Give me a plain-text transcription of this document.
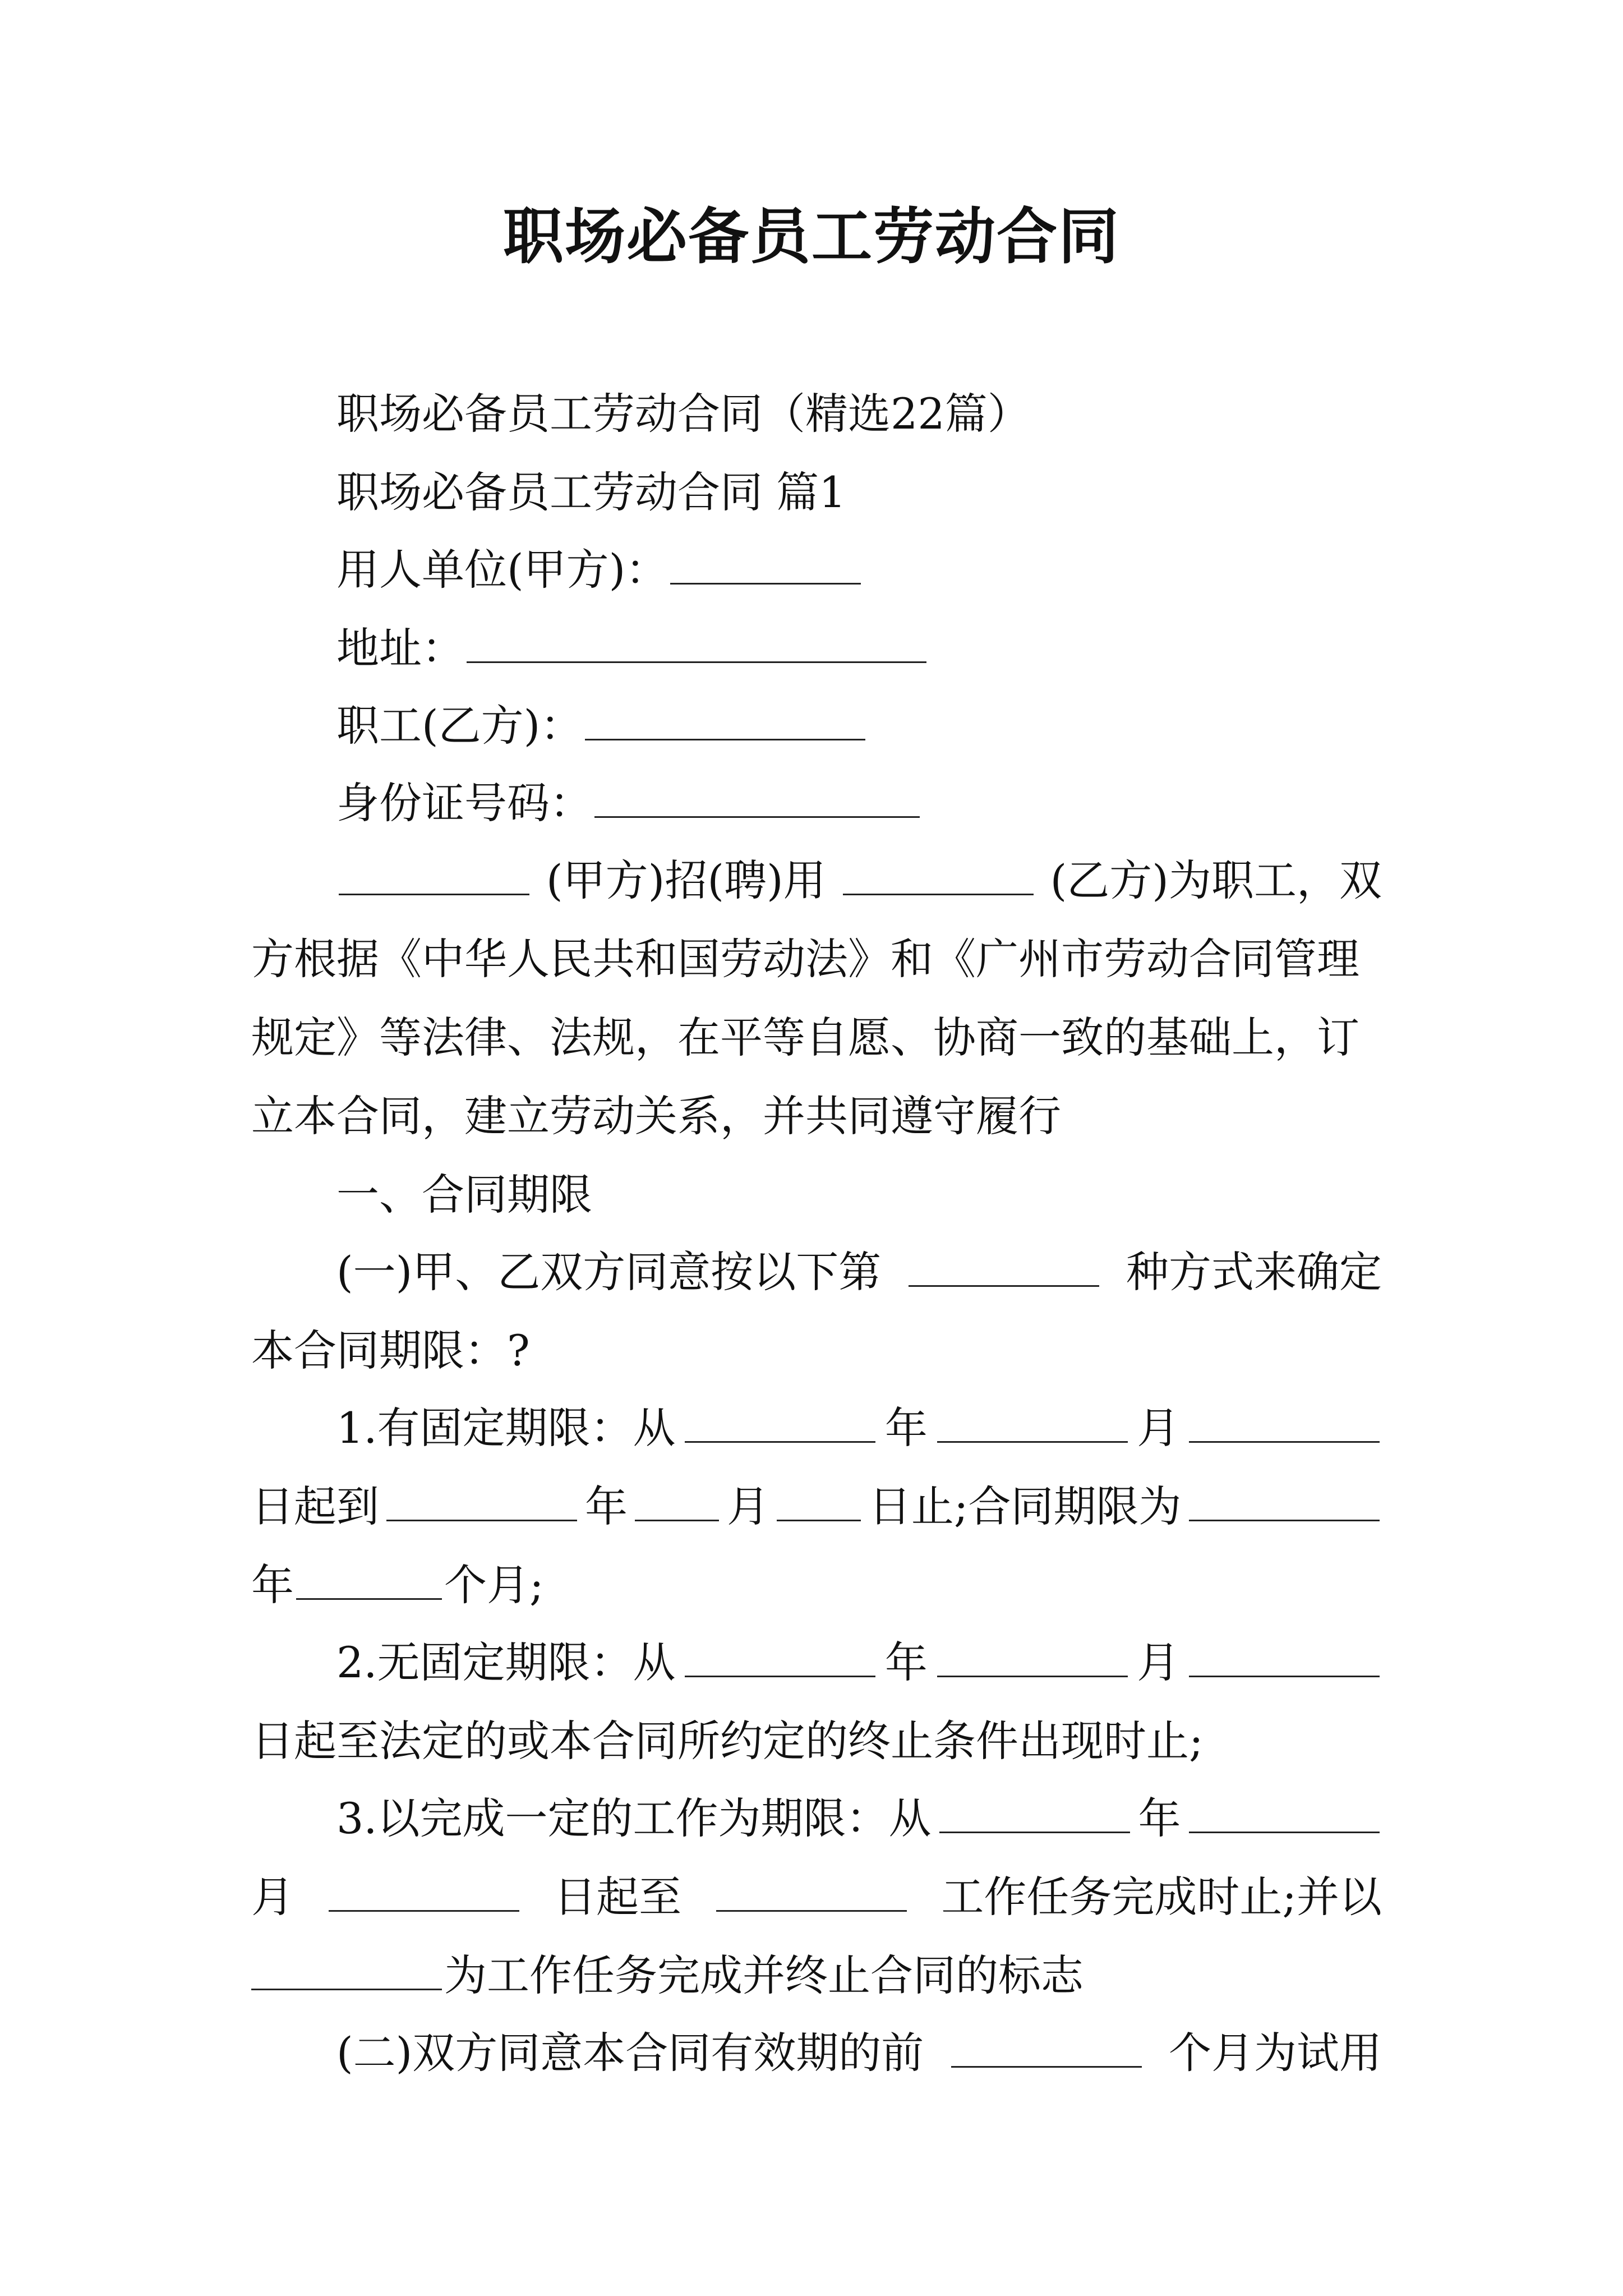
职场必备员工劳动合同
职场必备员工劳动合同（精选22篇）
职场必备员工劳动合同 篇1
用人单位(甲方)：
地址：
职工(乙方)：
身份证号码：
(甲方)招(聘)用	(乙方)为职工，双
方根据《中华人民共和国劳动法》和《广州市劳动合同管理
规定》等法律、法规，在平等自愿、协商一致的基础上，订
立本合同，建立劳动关系，并共同遵守履行
一、合同期限
(一)甲、乙双方同意按以下第	种方式来确定
本合同期限：?
1.有固定期限：从	年	月
日起到	年 月 日止;合同期限为
年	个月;
2.无固定期限：从	年	月
日起至法定的或本合同所约定的终止条件出现时止;
3.以完成一定的工作为期限：从	年
月	日起至	工作任务完成时止;并以
为工作任务完成并终止合同的标志
(二)双方同意本合同有效期的前	个月为试用
